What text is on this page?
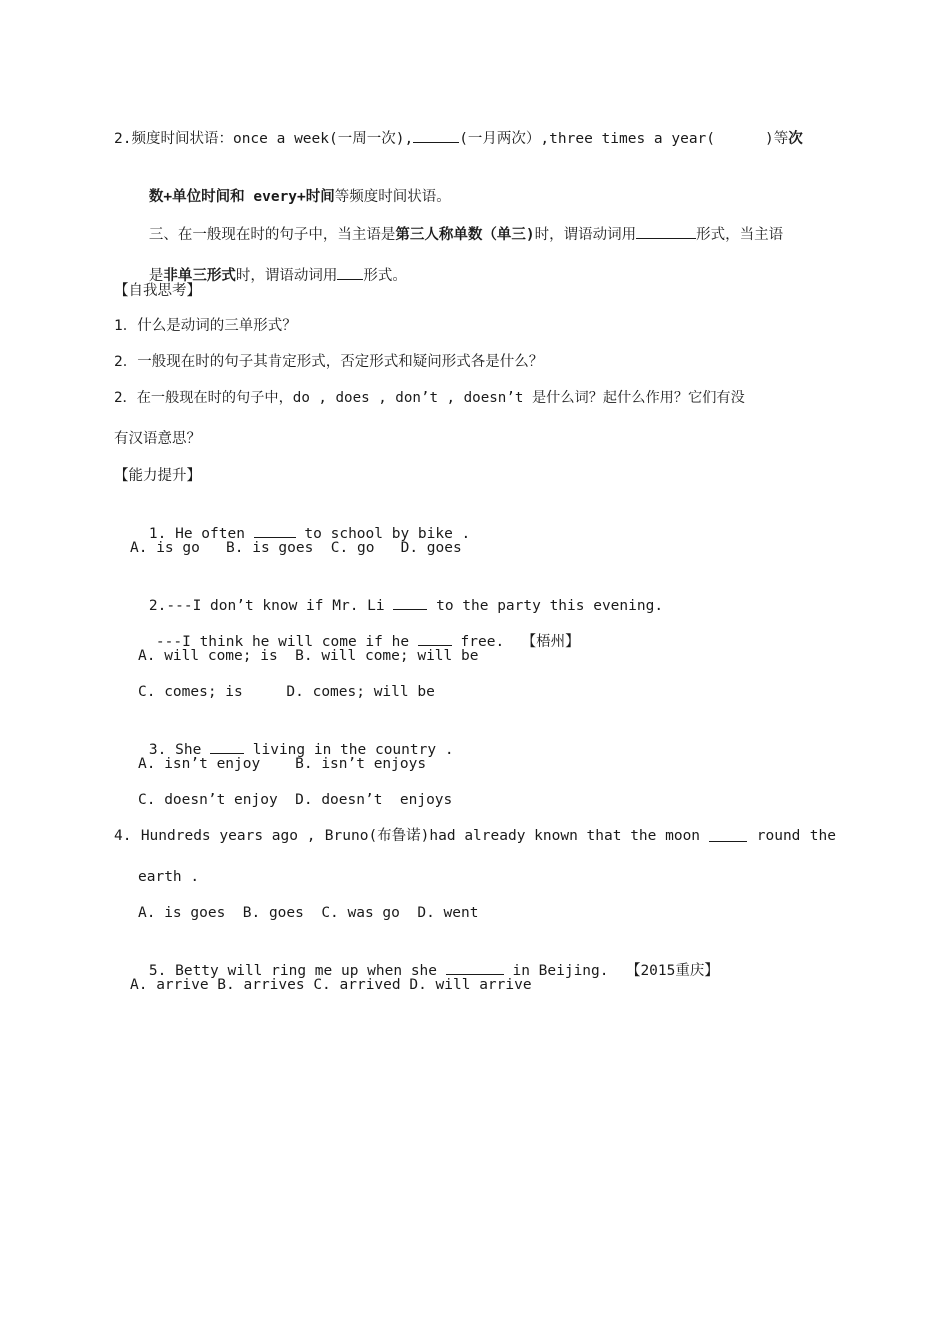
2.频度时间状语：once a week(一周一次),	(一月两次）,three times a year(	)等次

数+单位时间和 every+时间等频度时间状语。

三、在一般现在时的句子中，当主语是第三人称单数（单三)时，谓语动词用	形式，当主语

是非单三形式时，谓语动词用 形式。

【自我思考】
1．什么是动词的三单形式？
2．一般现在时的句子其肯定形式，否定形式和疑问形式各是什么？
2．在一般现在时的句子中，do , does , don’t , doesn’t 是什么词？起什么作用？它们有没
有汉语意思？
【能力提升】

1. He often	to school by bike .

A. is go   B. is goes  C. go   D. goes

2.---I don’t know if Mr. Li  to the party this evening.

---I think he will come if he  free.  【梧州】

A. will come; is  B. will come; will be
C. comes; is     D. comes; will be

3. She  living in the country .

A. isn’t enjoy    B. isn’t enjoys
C. doesn’t enjoy  D. doesn’t  enjoys
4. Hundreds years ago , Bruno(布鲁诺)had already known that the moon	round the
earth .
A. is goes  B. goes  C. was go  D. went

5. Betty will ring me up when she	in Beijing.  【2015重庆】

A. arrive B. arrives C. arrived D. will arrive
